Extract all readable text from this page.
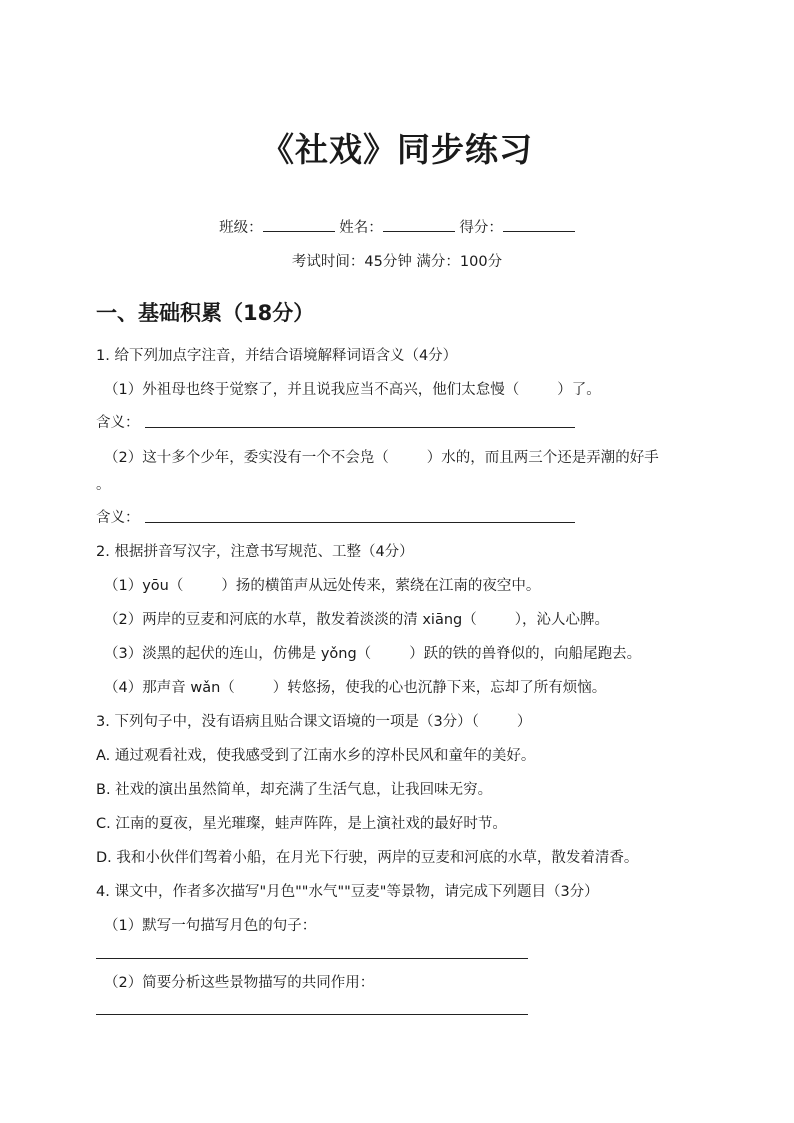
《社戏》同步练习
班级：	姓名：	得分：
考试时间：45分钟 满分：100分
一、基础积累（18分）
1. 给下列加点字注音，并结合语境解释词语含义（4分）
（1）外祖母也终于觉察了，并且说我应当不高兴，他们太怠慢（	）了。
含义：
（2）这十多个少年，委实没有一个不会凫（	）水的，而且两三个还是弄潮的好手
。
含义：
2. 根据拼音写汉字，注意书写规范、工整（4分）
（1）yōu（	）扬的横笛声从远处传来，萦绕在江南的夜空中。
（2）两岸的豆麦和河底的水草，散发着淡淡的清 xiāng（	），沁人心脾。
（3）淡黑的起伏的连山，仿佛是 yǒng（	）跃的铁的兽脊似的，向船尾跑去。
（4）那声音 wǎn（	）转悠扬，使我的心也沉静下来，忘却了所有烦恼。
3. 下列句子中，没有语病且贴合课文语境的一项是（3分）（	）
A. 通过观看社戏，使我感受到了江南水乡的淳朴民风和童年的美好。
B. 社戏的演出虽然简单，却充满了生活气息，让我回味无穷。
C. 江南的夏夜，星光璀璨，蛙声阵阵，是上演社戏的最好时节。
D. 我和小伙伴们驾着小船，在月光下行驶，两岸的豆麦和河底的水草，散发着清香。
4. 课文中，作者多次描写"月色""水气""豆麦"等景物，请完成下列题目（3分）
（1）默写一句描写月色的句子：
（2）简要分析这些景物描写的共同作用：
